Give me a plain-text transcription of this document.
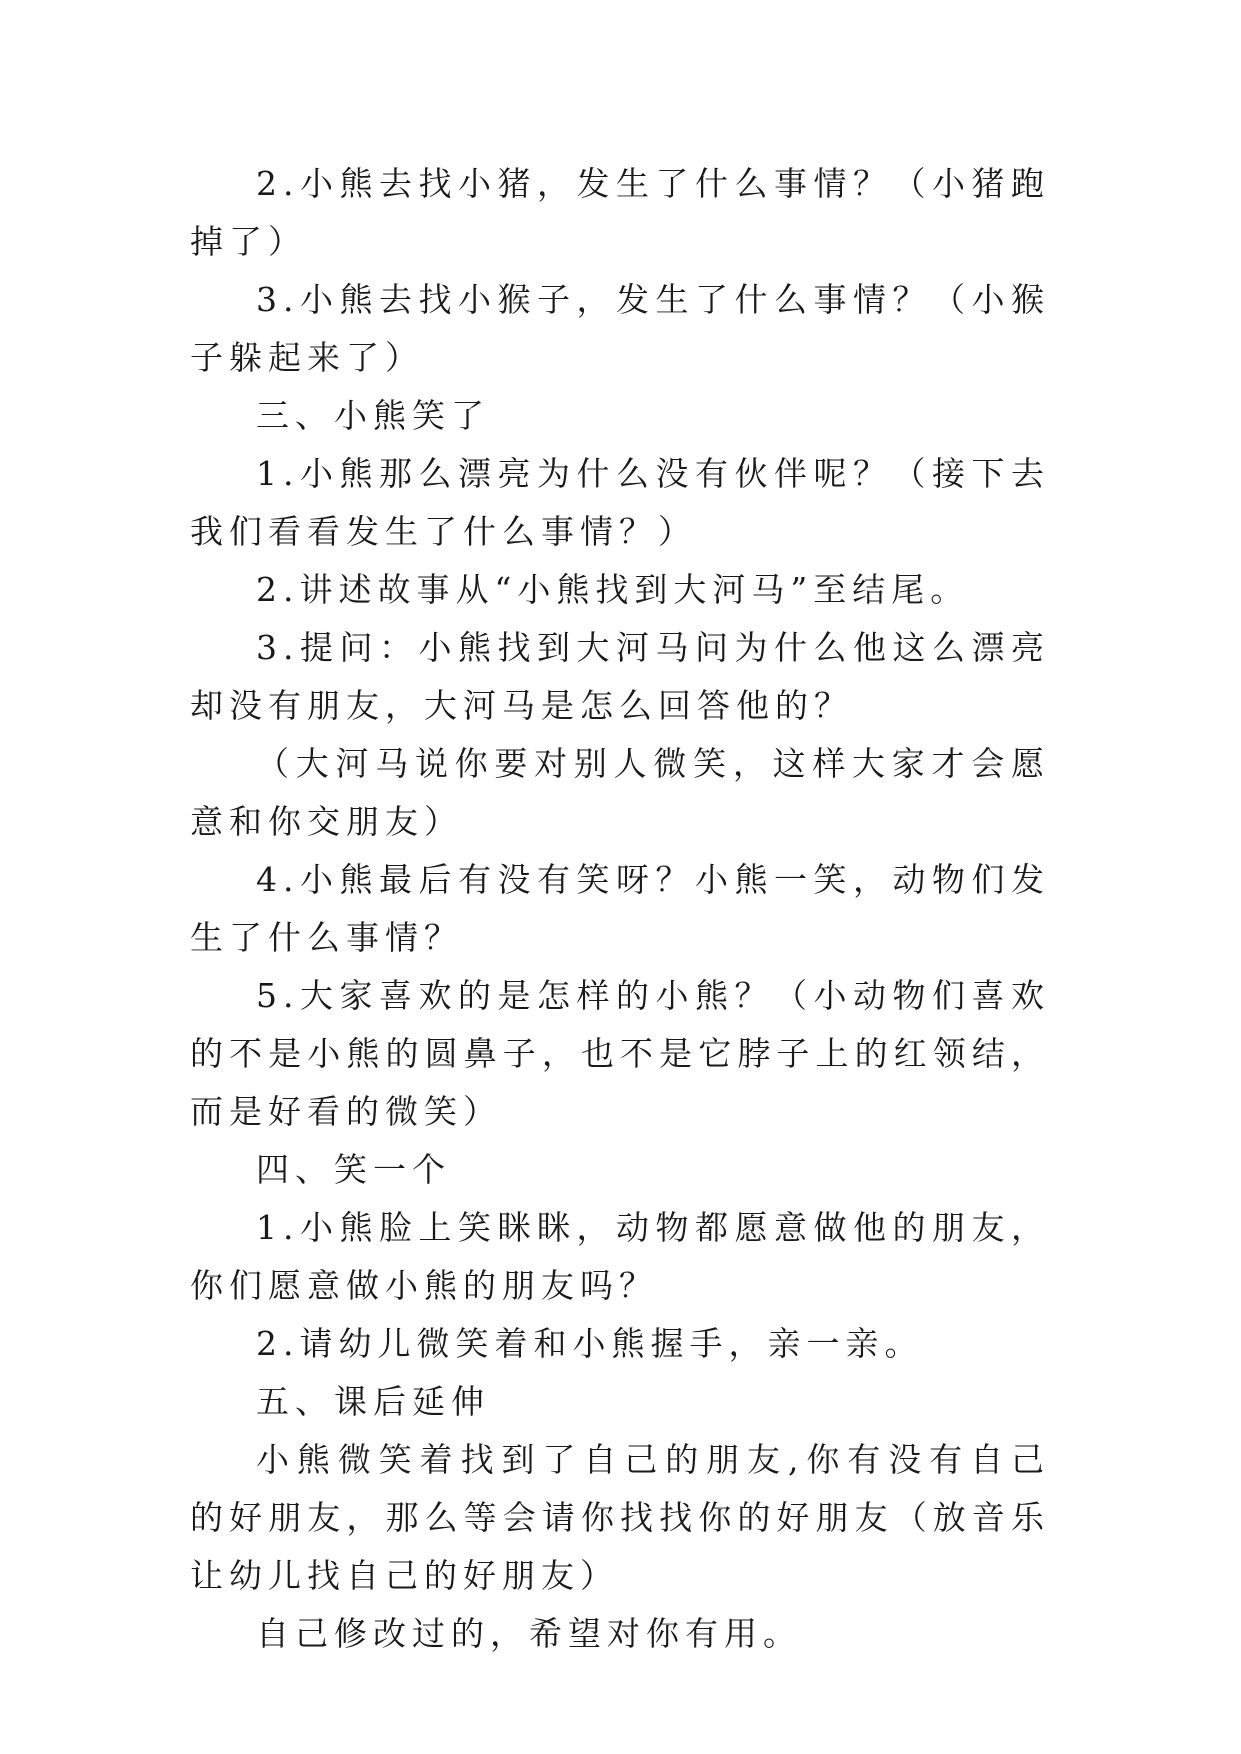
2.小熊去找小猪，发生了什么事情？（小猪跑掉了）

3.小熊去找小猴子，发生了什么事情？（小猴子躲起来了）

三、小熊笑了

1.小熊那么漂亮为什么没有伙伴呢？（接下去我们看看发生了什么事情？）

2.讲述故事从“小熊找到大河马”至结尾。

3.提问：小熊找到大河马问为什么他这么漂亮却没有朋友，大河马是怎么回答他的？

（大河马说你要对别人微笑，这样大家才会愿意和你交朋友）

4.小熊最后有没有笑呀？小熊一笑，动物们发生了什么事情？

5.大家喜欢的是怎样的小熊？（小动物们喜欢的不是小熊的圆鼻子，也不是它脖子上的红领结，而是好看的微笑）

四、笑一个

1.小熊脸上笑眯眯，动物都愿意做他的朋友，你们愿意做小熊的朋友吗？

2.请幼儿微笑着和小熊握手，亲一亲。

五、课后延伸

小熊微笑着找到了自己的朋友,你有没有自己的好朋友，那么等会请你找找你的好朋友（放音乐让幼儿找自己的好朋友）

自己修改过的，希望对你有用。
